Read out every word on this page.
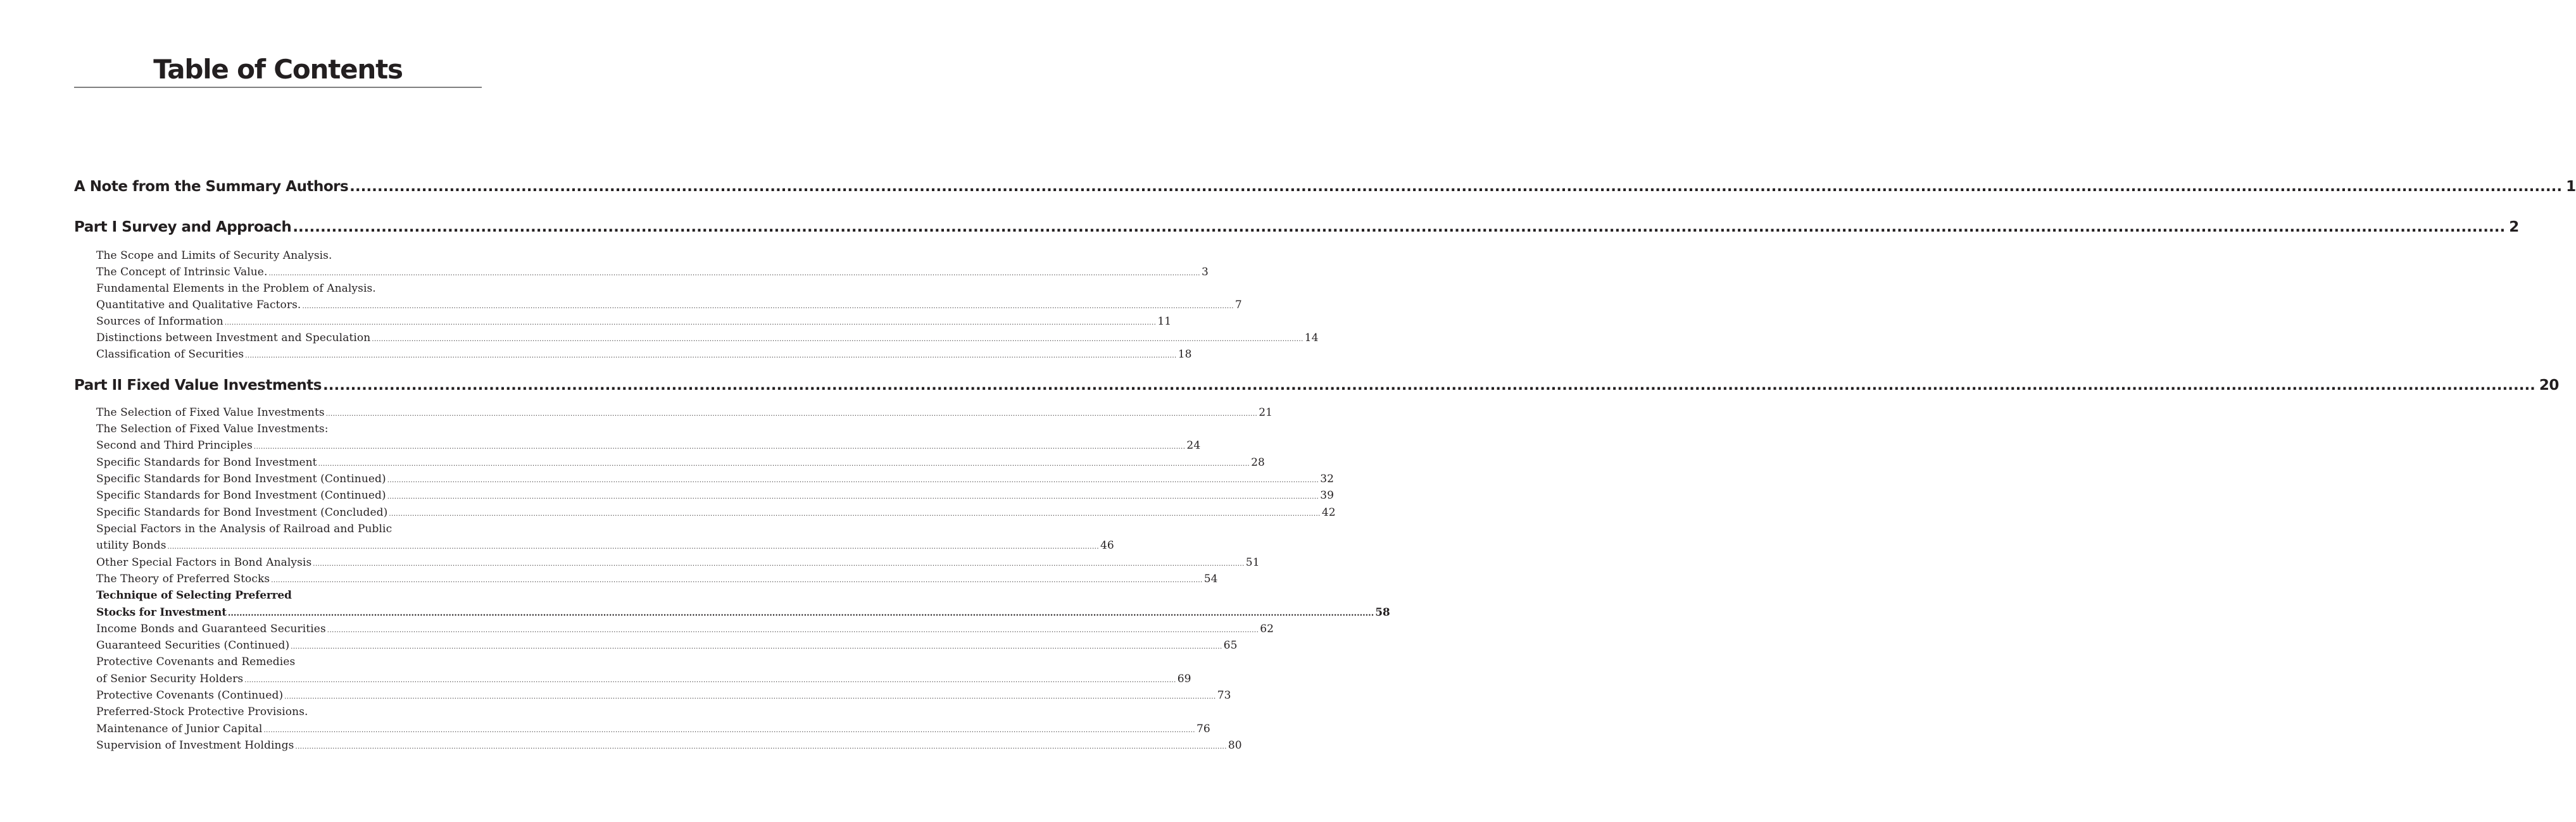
Table of Contents
A Note from the Summary Authors ................................................................................................................................................................................................................................................................................................................................................................................................................ 1
Part I Survey and Approach ................................................................................................................................................................................................................................................................................................................................................................................................................ 2
The Scope and Limits of Security Analysis.
The Concept of Intrinsic Value. ................................................................................................................................................................................................................................................................................................................................................................................................................ 3
Fundamental Elements in the Problem of Analysis.
Quantitative and Qualitative Factors. ................................................................................................................................................................................................................................................................................................................................................................................................................ 7
Sources of Information ................................................................................................................................................................................................................................................................................................................................................................................................................ 11
Distinctions between Investment and Speculation ................................................................................................................................................................................................................................................................................................................................................................................................................ 14
Classification of Securities ................................................................................................................................................................................................................................................................................................................................................................................................................ 18
Part II Fixed Value Investments ................................................................................................................................................................................................................................................................................................................................................................................................................ 20
The Selection of Fixed Value Investments ................................................................................................................................................................................................................................................................................................................................................................................................................ 21
The Selection of Fixed Value Investments:
Second and Third Principles ................................................................................................................................................................................................................................................................................................................................................................................................................ 24
Specific Standards for Bond Investment ................................................................................................................................................................................................................................................................................................................................................................................................................ 28
Specific Standards for Bond Investment (Continued) ................................................................................................................................................................................................................................................................................................................................................................................................................ 32
Specific Standards for Bond Investment (Continued) ................................................................................................................................................................................................................................................................................................................................................................................................................ 39
Specific Standards for Bond Investment (Concluded) ................................................................................................................................................................................................................................................................................................................................................................................................................ 42
Special Factors in the Analysis of Railroad and Public
utility Bonds ................................................................................................................................................................................................................................................................................................................................................................................................................ 46
Other Special Factors in Bond Analysis ................................................................................................................................................................................................................................................................................................................................................................................................................ 51
The Theory of Preferred Stocks ................................................................................................................................................................................................................................................................................................................................................................................................................ 54
Technique of Selecting Preferred
Stocks for Investment ................................................................................................................................................................................................................................................................................................................................................................................................................ 58
Income Bonds and Guaranteed Securities ................................................................................................................................................................................................................................................................................................................................................................................................................ 62
Guaranteed Securities (Continued) ................................................................................................................................................................................................................................................................................................................................................................................................................ 65
Protective Covenants and Remedies
of Senior Security Holders ................................................................................................................................................................................................................................................................................................................................................................................................................ 69
Protective Covenants (Continued) ................................................................................................................................................................................................................................................................................................................................................................................................................ 73
Preferred-Stock Protective Provisions.
Maintenance of Junior Capital ................................................................................................................................................................................................................................................................................................................................................................................................................ 76
Supervision of Investment Holdings ................................................................................................................................................................................................................................................................................................................................................................................................................ 80
